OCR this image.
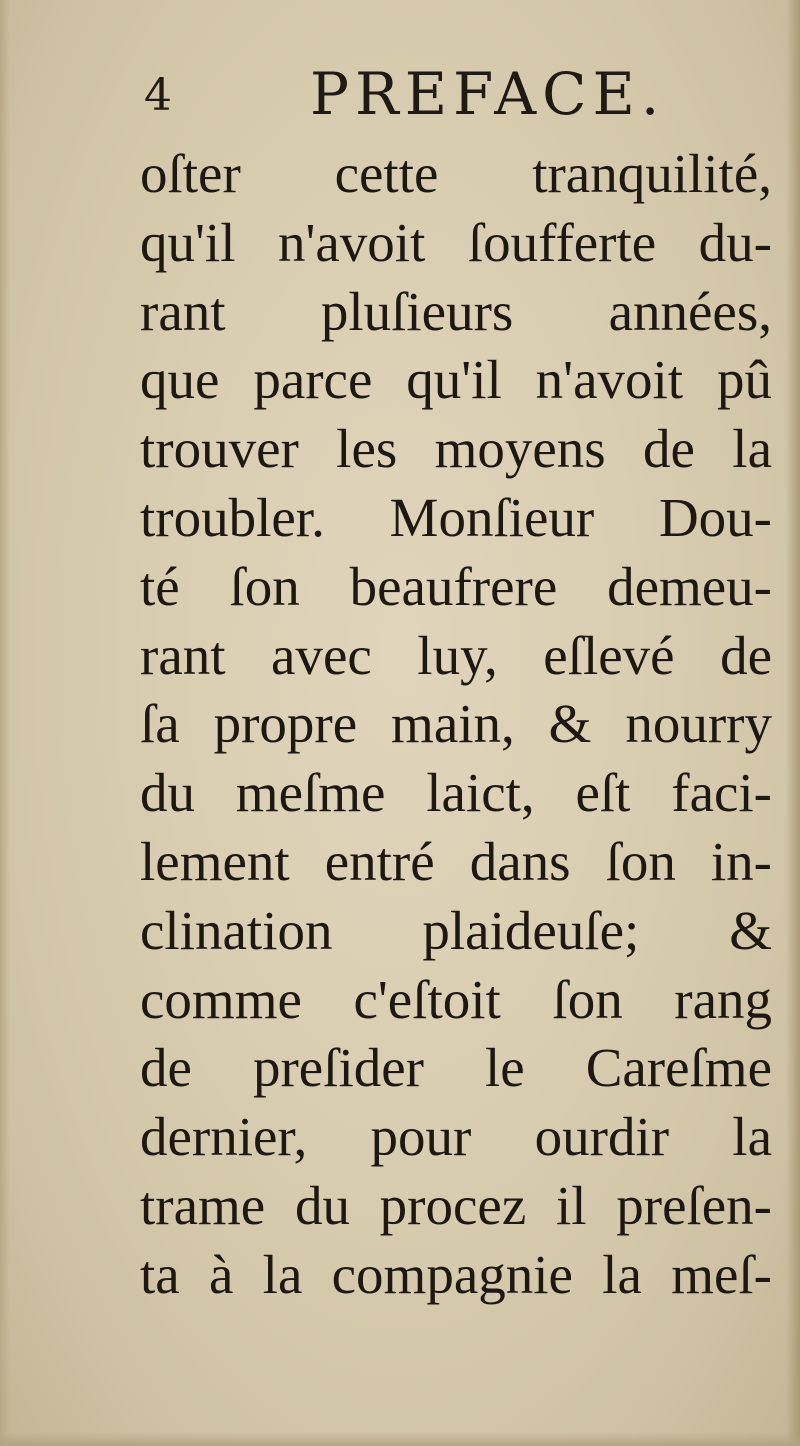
4 PREFACE.
oſter cette tranquilité,
qu'il n'avoit ſoufferte du-
rant pluſieurs années,
que parce qu'il n'avoit pû
trouver les moyens de la
troubler. Monſieur Dou-
té ſon beaufrere demeu-
rant avec luy, eſlevé de
ſa propre main, & nourry
du meſme laict, eſt faci-
lement entré dans ſon in-
clination plaideuſe; &
comme c'eſtoit ſon rang
de preſider le Careſme
dernier, pour ourdir la
trame du procez il preſen-
ta à la compagnie la meſ-
